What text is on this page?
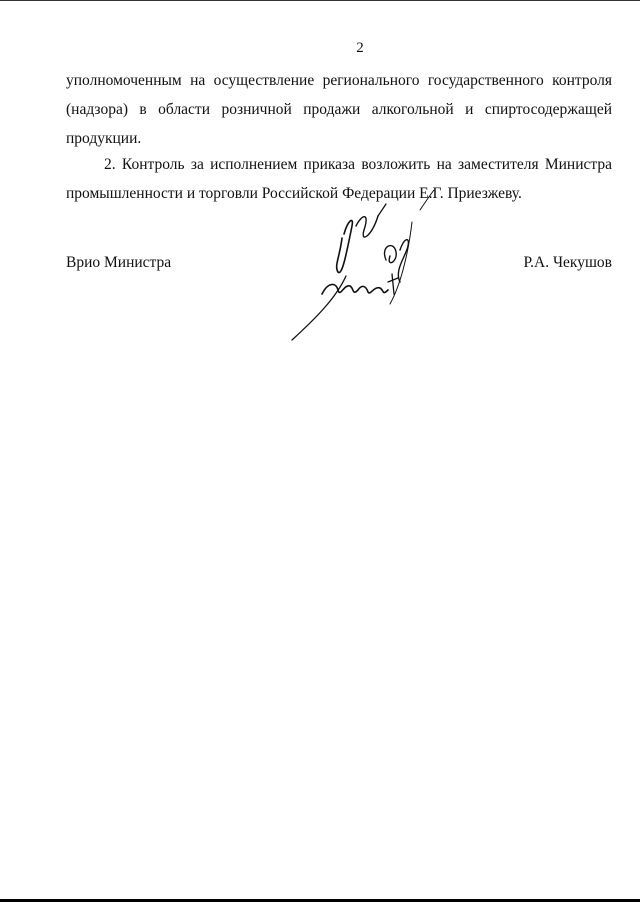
2
уполномоченным на осуществление регионального государственного контроля
(надзора) в области розничной продажи алкогольной и спиртосодержащей
продукции.
2. Контроль за исполнением приказа возложить на заместителя Министра
промышленности и торговли Российской Федерации Е.Г. Приезжеву.
Врио Министра	Р.А. Чекушов
